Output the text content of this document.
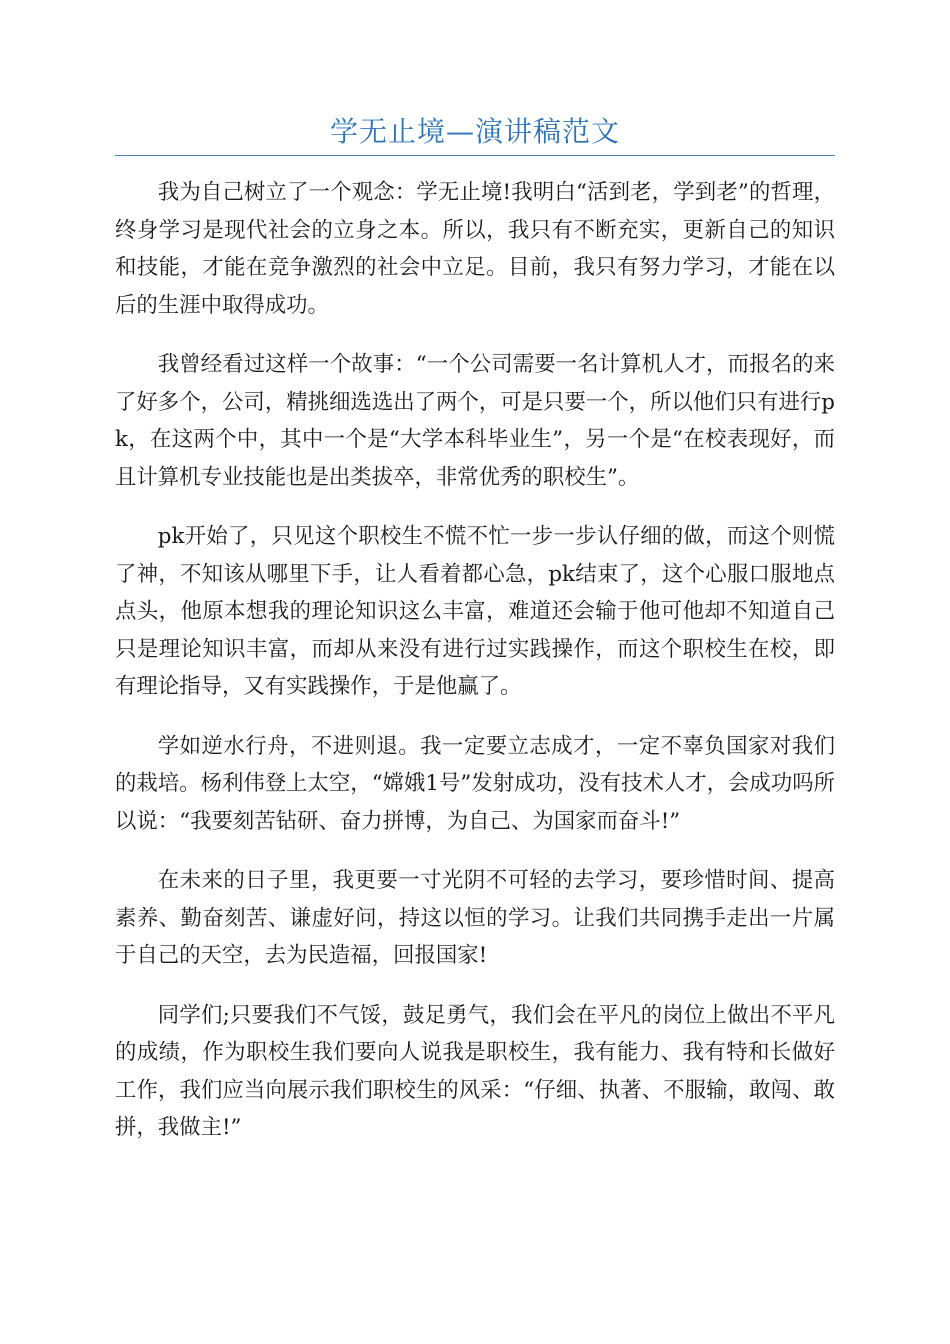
学无止境—演讲稿范文

我为自己树立了一个观念：学无止境!我明白“活到老，学到老”的哲理，终身学习是现代社会的立身之本。所以，我只有不断充实，更新自己的知识和技能，才能在竞争激烈的社会中立足。目前，我只有努力学习，才能在以后的生涯中取得成功。

我曾经看过这样一个故事：“一个公司需要一名计算机人才，而报名的来了好多个，公司，精挑细选选出了两个，可是只要一个，所以他们只有进行pk，在这两个中，其中一个是“大学本科毕业生”，另一个是“在校表现好，而且计算机专业技能也是出类拔卒，非常优秀的职校生”。

pk开始了，只见这个职校生不慌不忙一步一步认仔细的做，而这个则慌了神，不知该从哪里下手，让人看着都心急，pk结束了，这个心服口服地点点头，他原本想我的理论知识这么丰富，难道还会输于他可他却不知道自己只是理论知识丰富，而却从来没有进行过实践操作，而这个职校生在校，即有理论指导，又有实践操作，于是他赢了。

学如逆水行舟，不进则退。我一定要立志成才，一定不辜负国家对我们的栽培。杨利伟登上太空，“嫦娥1号”发射成功，没有技术人才，会成功吗所以说：“我要刻苦钻研、奋力拼博，为自己、为国家而奋斗!”

在未来的日子里，我更要一寸光阴不可轻的去学习，要珍惜时间、提高素养、勤奋刻苦、谦虚好问，持这以恒的学习。让我们共同携手走出一片属于自己的天空，去为民造福，回报国家!

同学们;只要我们不气馁，鼓足勇气，我们会在平凡的岗位上做出不平凡的成绩，作为职校生我们要向人说我是职校生，我有能力、我有特和长做好工作，我们应当向展示我们职校生的风采：“仔细、执著、不服输，敢闯、敢拼，我做主!”
